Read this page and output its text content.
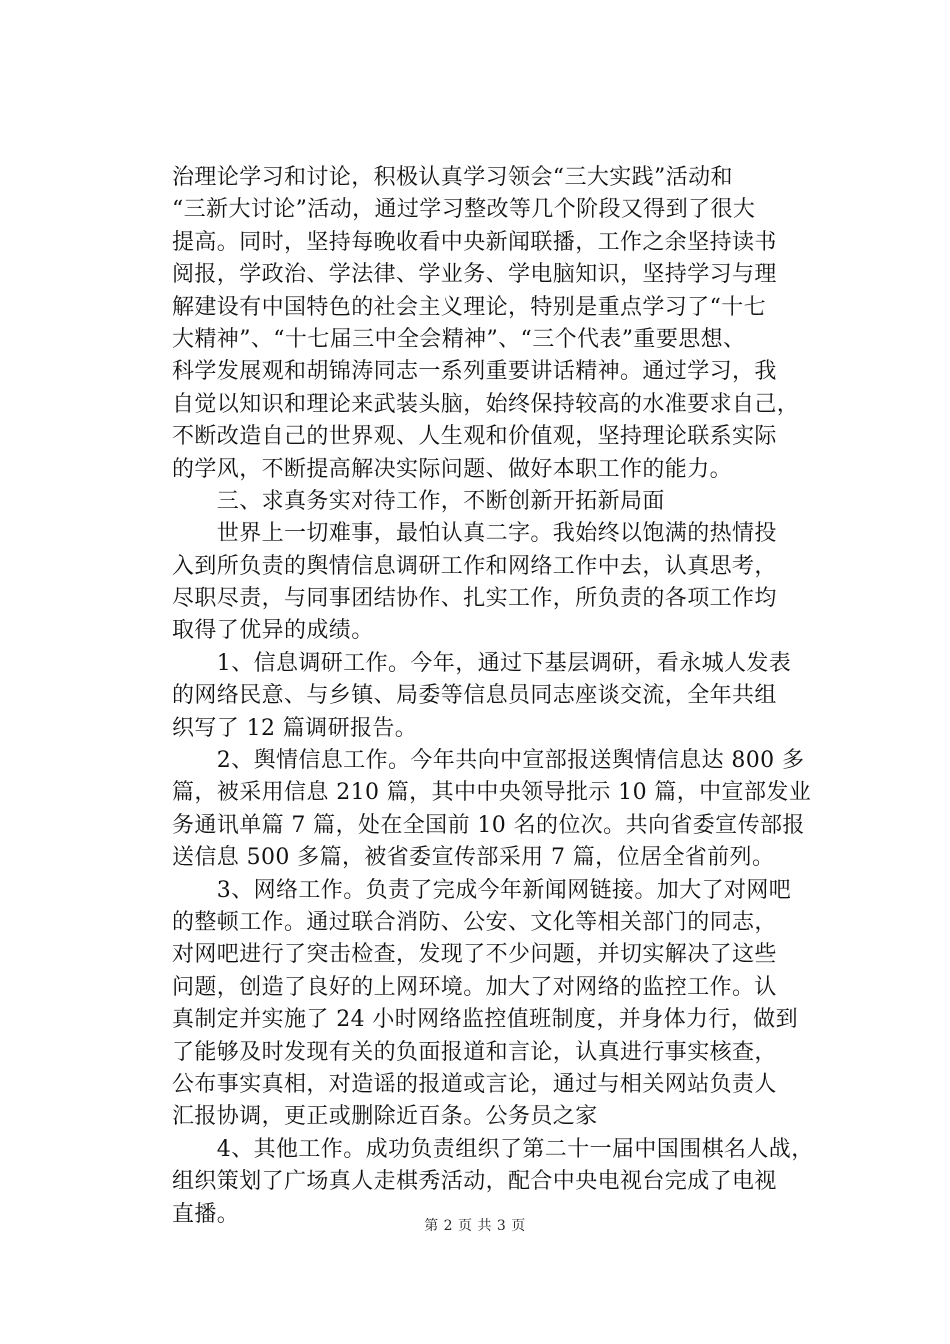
治理论学习和讨论，积极认真学习领会“三大实践”活动和
“三新大讨论”活动，通过学习整改等几个阶段又得到了很大
提高。同时，坚持每晚收看中央新闻联播，工作之余坚持读书
阅报，学政治、学法律、学业务、学电脑知识，坚持学习与理
解建设有中国特色的社会主义理论，特别是重点学习了“十七
大精神”、“十七届三中全会精神”、“三个代表”重要思想、
科学发展观和胡锦涛同志一系列重要讲话精神。通过学习，我
自觉以知识和理论来武装头脑，始终保持较高的水准要求自己，
不断改造自己的世界观、人生观和价值观，坚持理论联系实际
的学风，不断提高解决实际问题、做好本职工作的能力。
　　三、求真务实对待工作，不断创新开拓新局面
　　世界上一切难事，最怕认真二字。我始终以饱满的热情投
入到所负责的舆情信息调研工作和网络工作中去，认真思考，
尽职尽责，与同事团结协作、扎实工作，所负责的各项工作均
取得了优异的成绩。
　　1、信息调研工作。今年，通过下基层调研，看永城人发表
的网络民意、与乡镇、局委等信息员同志座谈交流，全年共组
织写了 12 篇调研报告。
　　2、舆情信息工作。今年共向中宣部报送舆情信息达 800 多
篇，被采用信息 210 篇，其中中央领导批示 10 篇，中宣部发业
务通讯单篇 7 篇，处在全国前 10 名的位次。共向省委宣传部报
送信息 500 多篇，被省委宣传部采用 7 篇，位居全省前列。
　　3、网络工作。负责了完成今年新闻网链接。加大了对网吧
的整顿工作。通过联合消防、公安、文化等相关部门的同志，
对网吧进行了突击检查，发现了不少问题，并切实解决了这些
问题，创造了良好的上网环境。加大了对网络的监控工作。认
真制定并实施了 24 小时网络监控值班制度，并身体力行，做到
了能够及时发现有关的负面报道和言论，认真进行事实核查，
公布事实真相，对造谣的报道或言论，通过与相关网站负责人
汇报协调，更正或删除近百条。公务员之家
　　4、其他工作。成功负责组织了第二十一届中国围棋名人战，
组织策划了广场真人走棋秀活动，配合中央电视台完成了电视
直播。	第 2 页 共 3 页
